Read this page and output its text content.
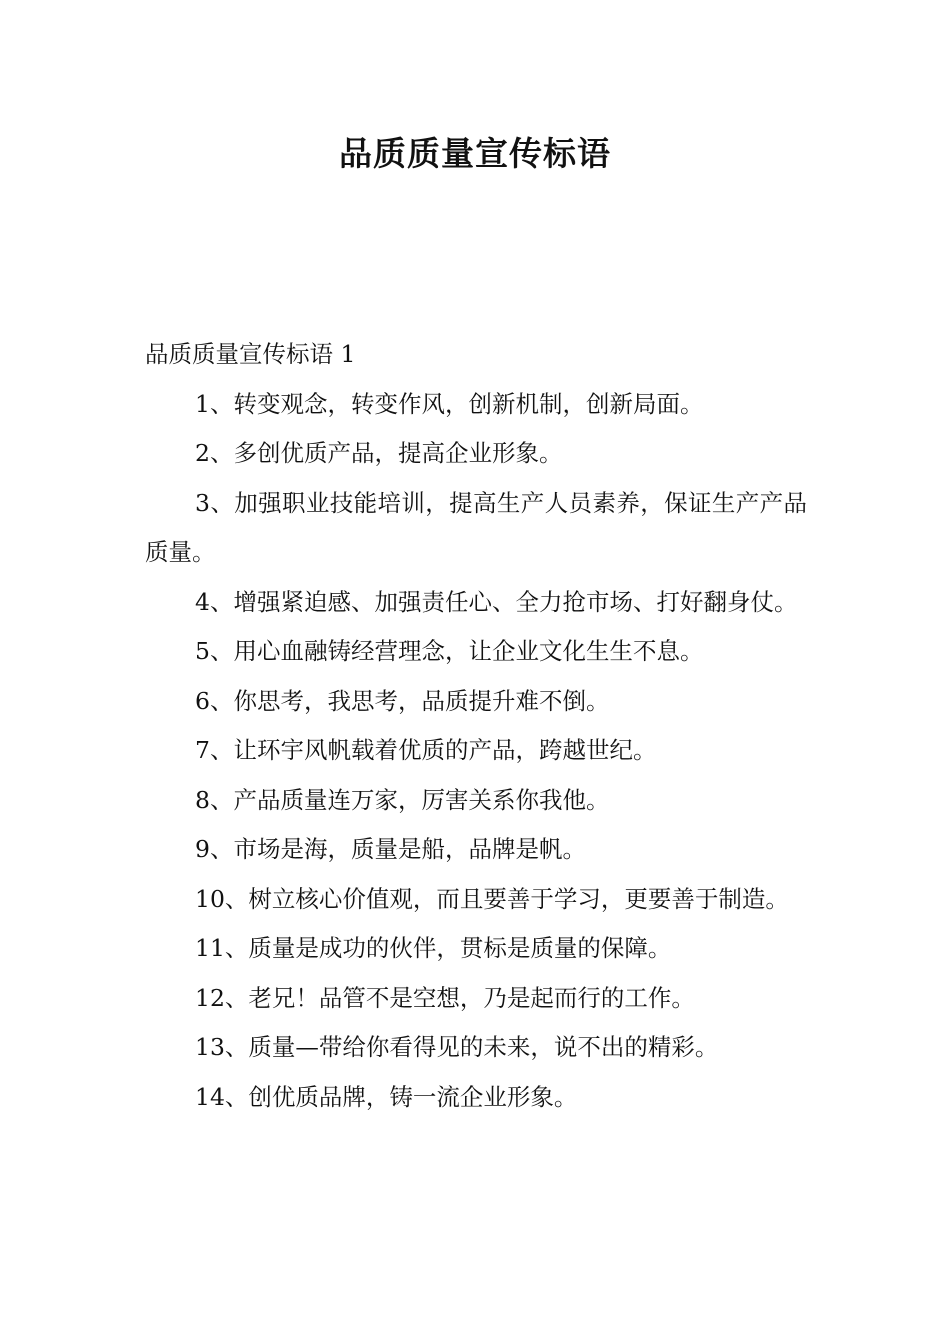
品质质量宣传标语

品质质量宣传标语 1

1、转变观念，转变作风，创新机制，创新局面。
2、多创优质产品，提高企业形象。
3、加强职业技能培训，提高生产人员素养，保证生产产品质量。
4、增强紧迫感、加强责任心、全力抢市场、打好翻身仗。
5、用心血融铸经营理念，让企业文化生生不息。
6、你思考，我思考，品质提升难不倒。
7、让环宇风帆载着优质的产品，跨越世纪。
8、产品质量连万家，厉害关系你我他。
9、市场是海，质量是船，品牌是帆。
10、树立核心价值观，而且要善于学习，更要善于制造。
11、质量是成功的伙伴，贯标是质量的保障。
12、老兄！品管不是空想，乃是起而行的工作。
13、质量—带给你看得见的未来，说不出的精彩。
14、创优质品牌，铸一流企业形象。
